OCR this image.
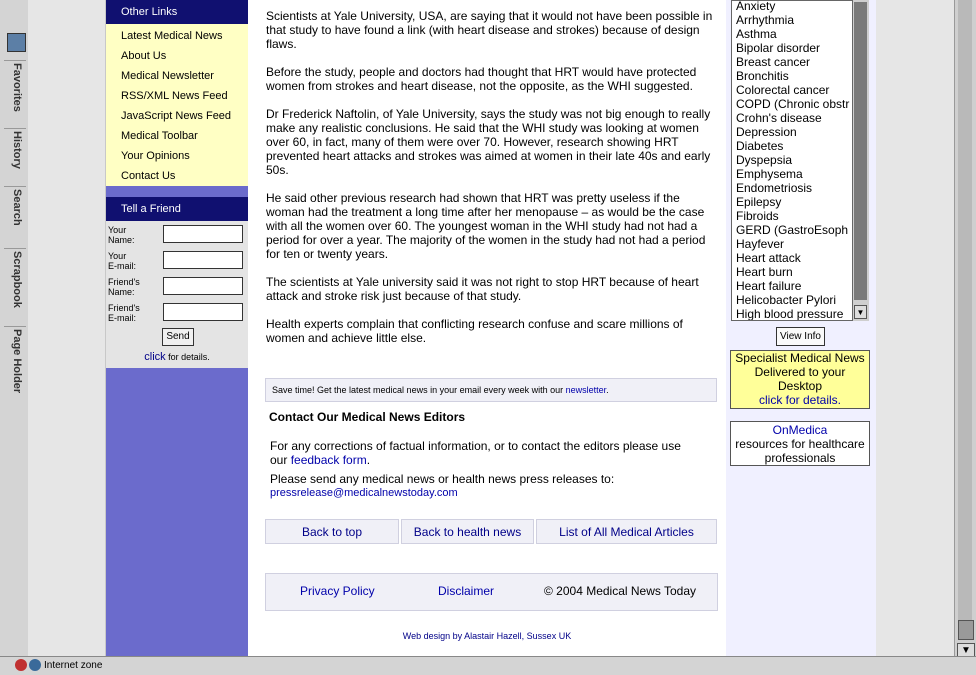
Favorites
History
Search
Scrapbook
Page Holder
Other Links
Latest Medical News
About Us
Medical Newsletter
RSS/XML News Feed
JavaScript News Feed
Medical Toolbar
Your Opinions
Contact Us
Tell a Friend
Your
Name:
Your
E-mail:
Friend's
Name:
Friend's
E-mail:
Send
click for details.
Scientists at Yale University, USA, are saying that it would not have been possible in that study to have found a link (with heart disease and strokes) because of design flaws.
Before the study, people and doctors had thought that HRT would have protected women from strokes and heart disease, not the opposite, as the WHI suggested.
Dr Frederick Naftolin, of Yale University, says the study was not big enough to really make any realistic conclusions. He said that the WHI study was looking at women over 60, in fact, many of them were over 70. However, research showing HRT prevented heart attacks and strokes was aimed at women in their late 40s and early 50s.
He said other previous research had shown that HRT was pretty useless if the woman had the treatment a long time after her menopause – as would be the case with all the women over 60. The youngest woman in the WHI study had not had a period for over a year. The majority of the women in the study had not had a period for ten or twenty years.
The scientists at Yale university said it was not right to stop HRT because of heart attack and stroke risk just because of that study.
Health experts complain that conflicting research confuse and scare millions of women and achieve little else.
Save time! Get the latest medical news in your email every week with our newsletter.
Contact Our Medical News Editors
For any corrections of factual information, or to contact the editors please use our feedback form.
Please send any medical news or health news press releases to:
pressrelease@medicalnewstoday.com
Back to top	Back to health news	List of All Medical Articles
Privacy Policy	Disclaimer	© 2004 Medical News Today
Web design by Alastair Hazell, Sussex UK
Anxiety
Arrhythmia
Asthma
Bipolar disorder
Breast cancer
Bronchitis
Colorectal cancer
COPD (Chronic obstr
Crohn's disease
Depression
Diabetes
Dyspepsia
Emphysema
Endometriosis
Epilepsy
Fibroids
GERD (GastroEsoph
Hayfever
Heart attack
Heart burn
Heart failure
Helicobacter Pylori
High blood pressure	▼
View Info
Specialist Medical News
Delivered to your
Desktop
click for details.
OnMedica
resources for healthcare
professionals
▼
Internet zone
